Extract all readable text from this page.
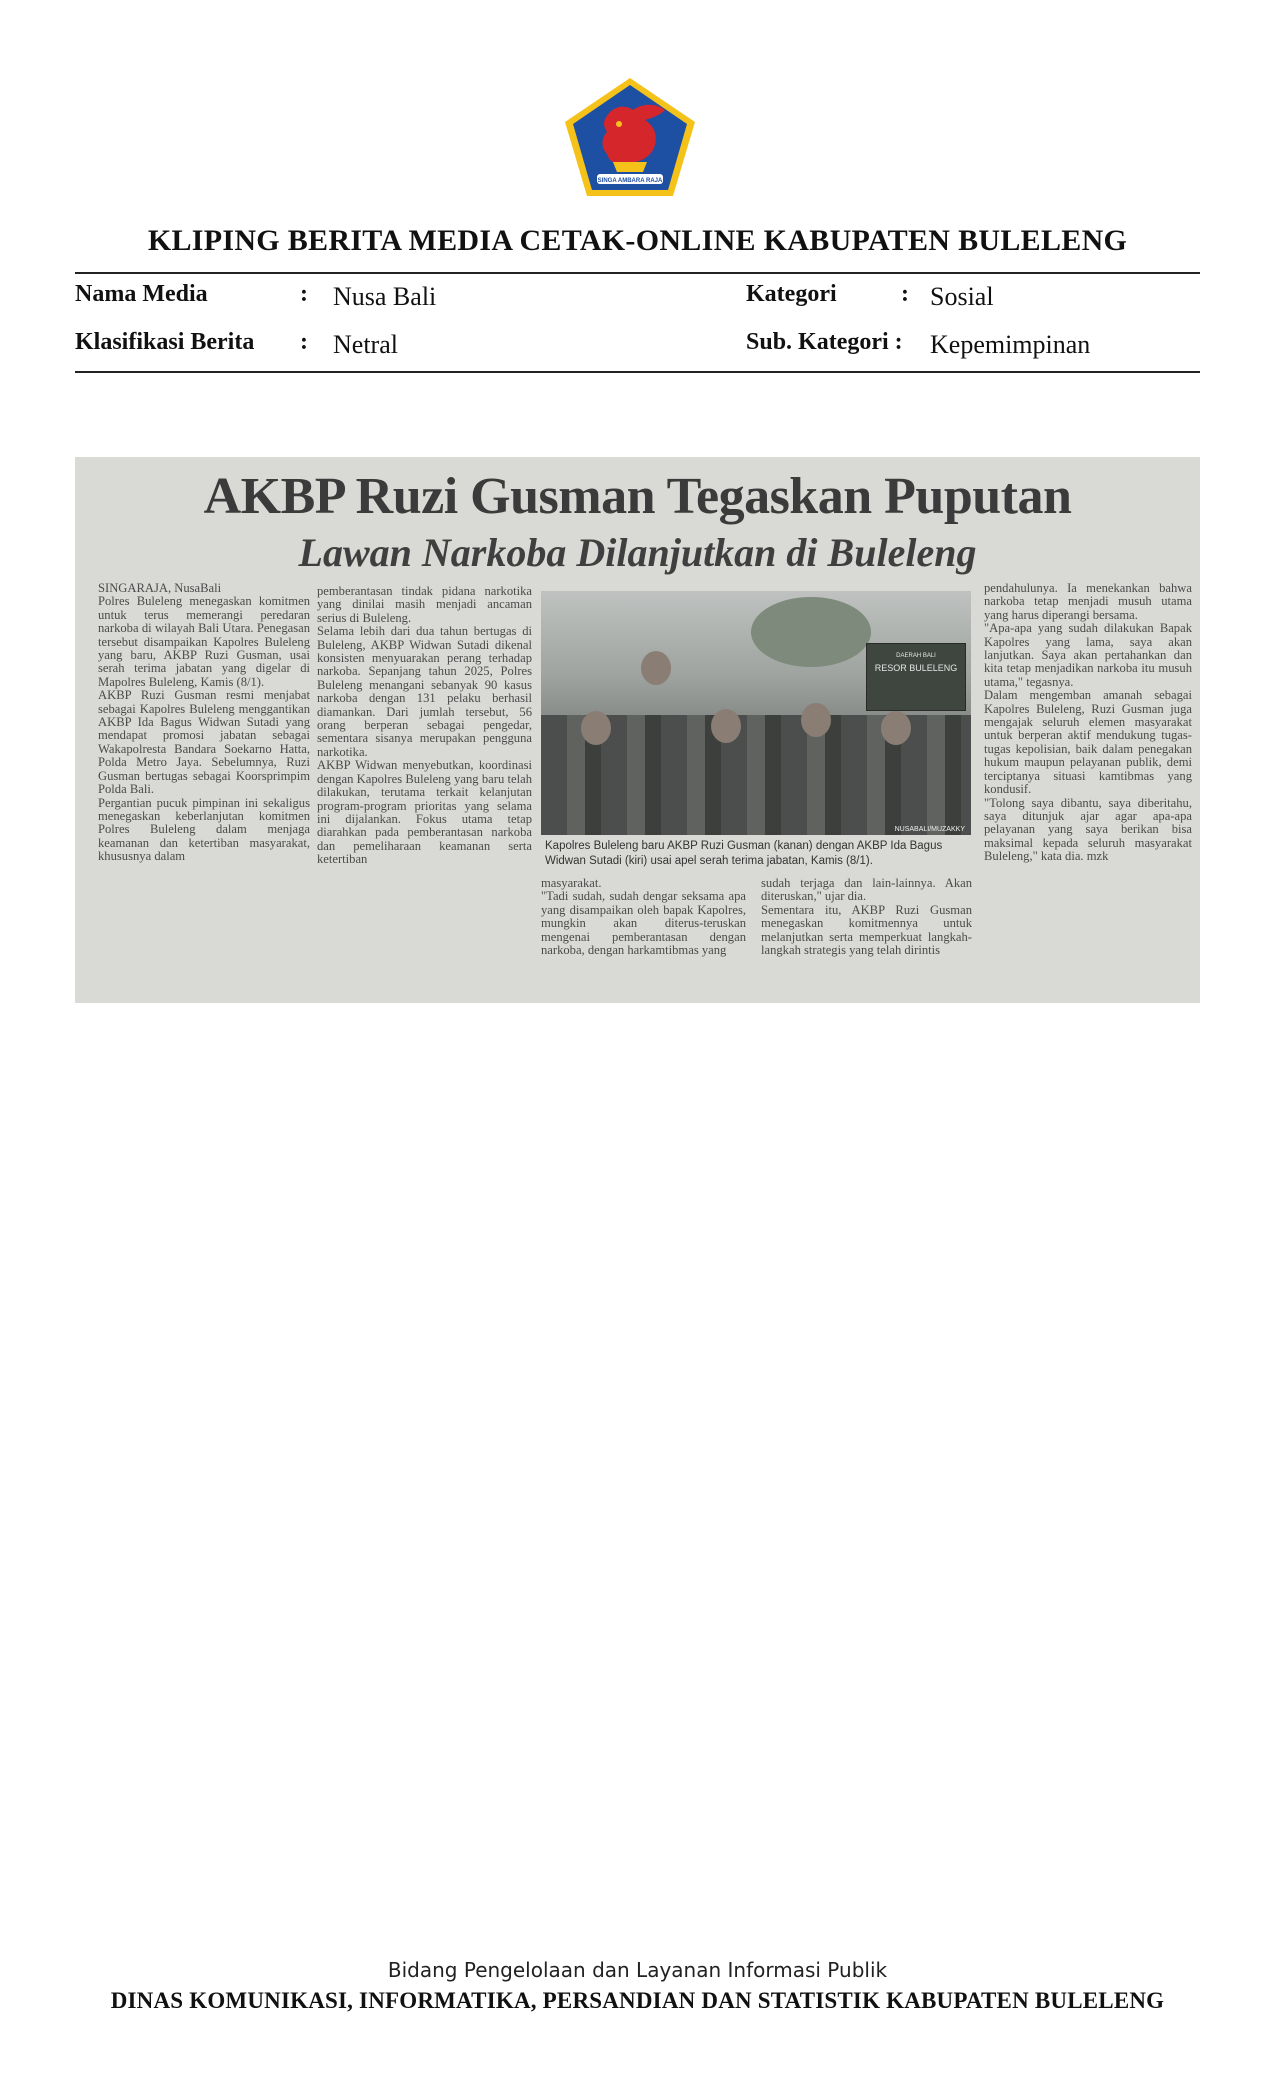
SINGA AMBARA RAJA
KLIPING BERITA MEDIA CETAK-ONLINE KABUPATEN BULELENG
Nama Media	: Nusa Bali	Kategori	: Sosial
Klasifikasi Berita : Netral	Sub. Kategori : Kepemimpinan
AKBP Ruzi Gusman Tegaskan Puputan
Lawan Narkoba Dilanjutkan di Buleleng
SINGARAJA, NusaBali
Polres Buleleng menegaskan komitmen untuk terus memerangi peredaran narkoba di wilayah Bali Utara. Penegasan tersebut disampaikan Kapolres Buleleng yang baru, AKBP Ruzi Gusman, usai serah terima jabatan yang digelar di Mapolres Buleleng, Kamis (8/1).
AKBP Ruzi Gusman resmi menjabat sebagai Kapolres Buleleng menggantikan AKBP Ida Bagus Widwan Sutadi yang mendapat promosi jabatan sebagai Wakapolresta Bandara Soekarno Hatta, Polda Metro Jaya. Sebelumnya, Ruzi Gusman bertugas sebagai Koorsprimpim Polda Bali.
Pergantian pucuk pimpinan ini sekaligus menegaskan keberlanjutan komitmen Polres Buleleng dalam menjaga keamanan dan ketertiban masyarakat, khususnya dalam
pemberantasan tindak pidana narkotika yang dinilai masih menjadi ancaman serius di Buleleng.
Selama lebih dari dua tahun bertugas di Buleleng, AKBP Widwan Sutadi dikenal konsisten menyuarakan perang terhadap narkoba. Sepanjang tahun 2025, Polres Buleleng menangani sebanyak 90 kasus narkoba dengan 131 pelaku berhasil diamankan. Dari jumlah tersebut, 56 orang berperan sebagai pengedar, sementara sisanya merupakan pengguna narkotika.
AKBP Widwan menyebutkan, koordinasi dengan Kapolres Buleleng yang baru telah dilakukan, terutama terkait kelanjutan program-program prioritas yang selama ini dijalankan. Fokus utama tetap diarahkan pada pemberantasan narkoba dan pemeliharaan keamanan serta ketertiban
DAERAH BALI
RESOR BULELENG
NUSABALI/MUZAKKY
Kapolres Buleleng baru AKBP Ruzi Gusman (kanan) dengan AKBP Ida Bagus Widwan Sutadi (kiri) usai apel serah terima jabatan, Kamis (8/1).
masyarakat.
"Tadi sudah, sudah dengar seksama apa yang disampaikan oleh bapak Kapolres, mungkin akan diterus-teruskan mengenai pemberantasan dengan narkoba, dengan harkamtibmas yang
sudah terjaga dan lain-lainnya. Akan diteruskan," ujar dia.
Sementara itu, AKBP Ruzi Gusman menegaskan komitmennya untuk melanjutkan serta memperkuat langkah-langkah strategis yang telah dirintis
pendahulunya. Ia menekankan bahwa narkoba tetap menjadi musuh utama yang harus diperangi bersama.
"Apa-apa yang sudah dilakukan Bapak Kapolres yang lama, saya akan lanjutkan. Saya akan pertahankan dan kita tetap menjadikan narkoba itu musuh utama," tegasnya.
Dalam mengemban amanah sebagai Kapolres Buleleng, Ruzi Gusman juga mengajak seluruh elemen masyarakat untuk berperan aktif mendukung tugas-tugas kepolisian, baik dalam penegakan hukum maupun pelayanan publik, demi terciptanya situasi kamtibmas yang kondusif.
"Tolong saya dibantu, saya diberitahu, saya ditunjuk ajar agar apa-apa pelayanan yang saya berikan bisa maksimal kepada seluruh masyarakat Buleleng," kata dia. mzk
Bidang Pengelolaan dan Layanan Informasi Publik
DINAS KOMUNIKASI, INFORMATIKA, PERSANDIAN DAN STATISTIK KABUPATEN BULELENG
